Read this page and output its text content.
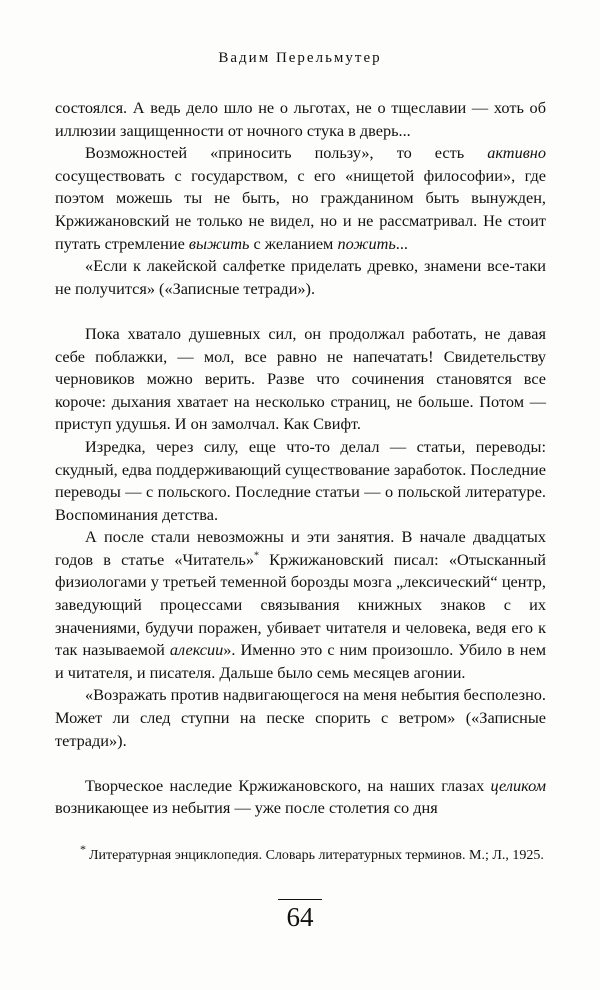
Вадим Перельмутер

состоялся. А ведь дело шло не о льготах, не о тщеславии — хоть об иллюзии защищенности от ночного стука в дверь...

Возможностей «приносить пользу», то есть активно сосуществовать с государством, с его «нищетой философии», где поэтом можешь ты не быть, но гражданином быть вынужден, Кржижановский не только не видел, но и не рассматривал. Не стоит путать стремление выжить с желанием пожить...

«Если к лакейской салфетке приделать древко, знамени все-таки не получится» («Записные тетради»).

Пока хватало душевных сил, он продолжал работать, не давая себе поблажки, — мол, все равно не напечатать! Свидетельству черновиков можно верить. Разве что сочинения становятся все короче: дыхания хватает на несколько страниц, не больше. Потом — приступ удушья. И он замолчал. Как Свифт.

Изредка, через силу, еще что-то делал — статьи, переводы: скудный, едва поддерживающий существование заработок. Последние переводы — с польского. Последние статьи — о польской литературе. Воспоминания детства.

А после стали невозможны и эти занятия. В начале двадцатых годов в статье «Читатель»* Кржижановский писал: «Отысканный физиологами у третьей теменной борозды мозга „лексический“ центр, заведующий процессами связывания книжных знаков с их значениями, будучи поражен, убивает читателя и человека, ведя его к так называемой алексии». Именно это с ним произошло. Убило в нем и читателя, и писателя. Дальше было семь месяцев агонии.

«Возражать против надвигающегося на меня небытия бесполезно. Может ли след ступни на песке спорить с ветром» («Записные тетради»).

Творческое наследие Кржижановского, на наших глазах целиком возникающее из небытия — уже после столетия со дня

* Литературная энциклопедия. Словарь литературных терминов. М.; Л., 1925.

64
